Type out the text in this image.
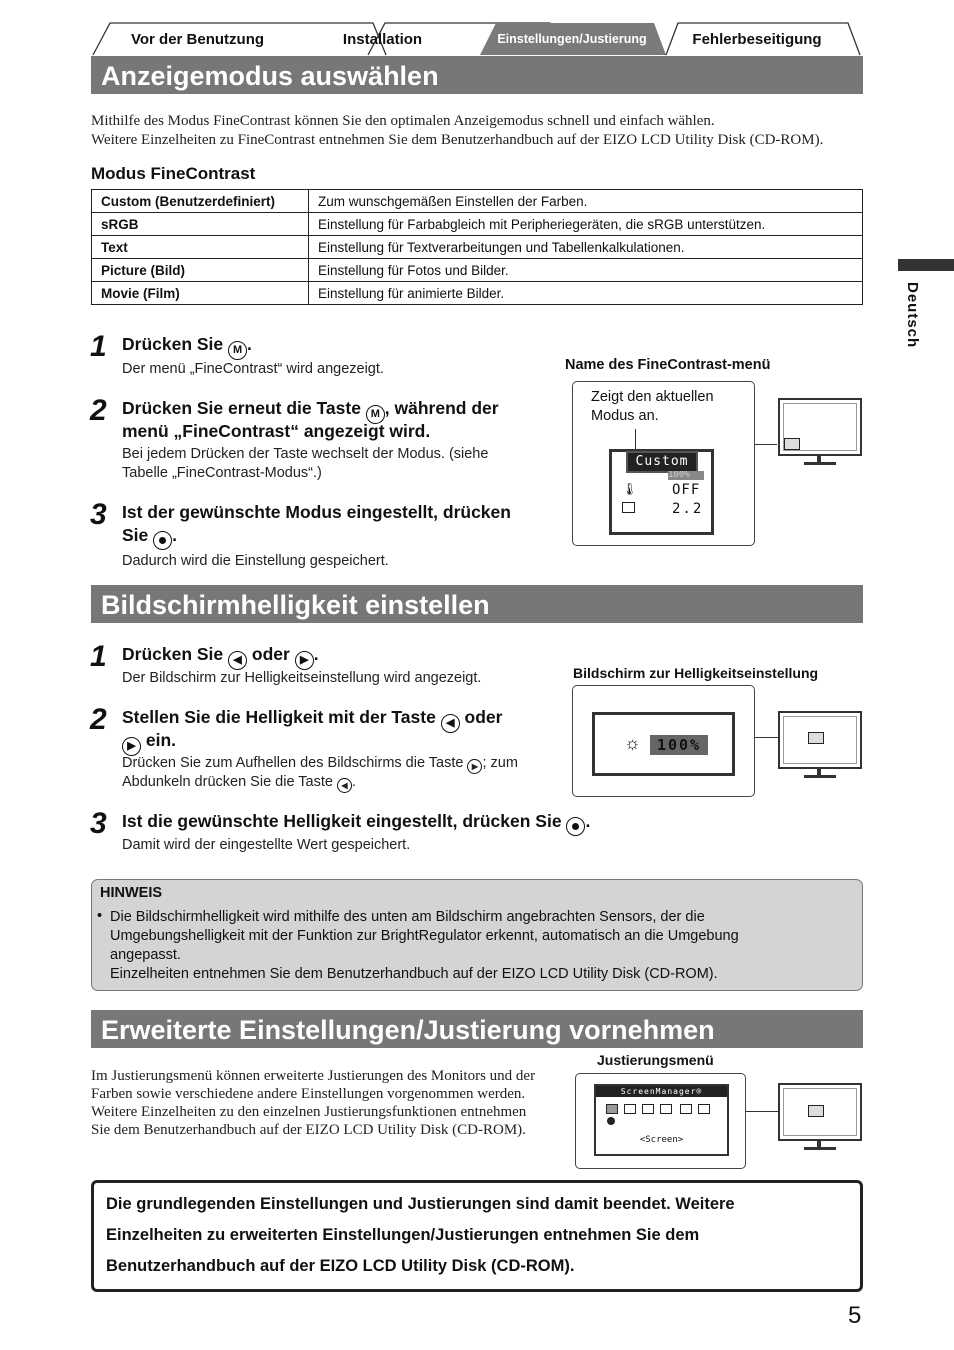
Vor der Benutzung	Installation	Einstellungen/Justierung	Fehlerbeseitigung
Deutsch
Anzeigemodus auswählen
Mithilfe des Modus FineContrast können Sie den optimalen Anzeigemodus schnell und einfach wählen.
Weitere Einzelheiten zu FineContrast entnehmen Sie dem Benutzerhandbuch auf der EIZO LCD Utility Disk (CD-ROM).
Modus FineContrast
Custom (Benutzerdefiniert)	Zum wunschgemäßen Einstellen der Farben.
sRGB	Einstellung für Farbabgleich mit Peripheriegeräten, die sRGB unterstützen.
Text	Einstellung für Textverarbeitungen und Tabellenkalkulationen.
Picture (Bild)	Einstellung für Fotos und Bilder.
Movie (Film)	Einstellung für animierte Bilder.
1 Drücken Sie M .
Der menü „FineContrast“ wird angezeigt.
2 Drücken Sie erneut die Taste M , während der
menü „FineContrast“ angezeigt wird.
Bei jedem Drücken der Taste wechselt der Modus. (siehe
Tabelle „FineContrast-Modus“.)
3 Ist der gewünschte Modus eingestellt, drücken
Sie
.
Dadurch wird die Einstellung gespeichert.
Name des FineContrast-menü
Zeigt den aktuellen
Modus an.
Custom
100%
🌡 OFF
2.2
Bildschirmhelligkeit einstellen
1 Drücken Sie ◀ oder ▶ .
Der Bildschirm zur Helligkeitseinstellung wird angezeigt.
2 Stellen Sie die Helligkeit mit der Taste ◀ oder
▶ ein.
Drücken Sie zum Aufhellen des Bildschirms die Taste ▶ ; zum
Abdunkeln drücken Sie die Taste ◀ .
3 Ist die gewünschte Helligkeit eingestellt, drücken Sie
.
Damit wird der eingestellte Wert gespeichert.
Bildschirm zur Helligkeitseinstellung
☼	100%
HINWEIS
• Die Bildschirmhelligkeit wird mithilfe des unten am Bildschirm angebrachten Sensors, der die
Umgebungshelligkeit mit der Funktion zur BrightRegulator erkennt, automatisch an die Umgebung
angepasst.
Einzelheiten entnehmen Sie dem Benutzerhandbuch auf der EIZO LCD Utility Disk (CD-ROM).
Erweiterte Einstellungen/Justierung vornehmen
Im Justierungsmenü können erweiterte Justierungen des Monitors und der
Farben sowie verschiedene andere Einstellungen vorgenommen werden.
Weitere Einzelheiten zu den einzelnen Justierungsfunktionen entnehmen
Sie dem Benutzerhandbuch auf der EIZO LCD Utility Disk (CD-ROM).
Justierungsmenü
ScreenManager®
<Screen>
Die grundlegenden Einstellungen und Justierungen sind damit beendet. Weitere
Einzelheiten zu erweiterten Einstellungen/Justierungen entnehmen Sie dem
Benutzerhandbuch auf der EIZO LCD Utility Disk (CD-ROM).
5
